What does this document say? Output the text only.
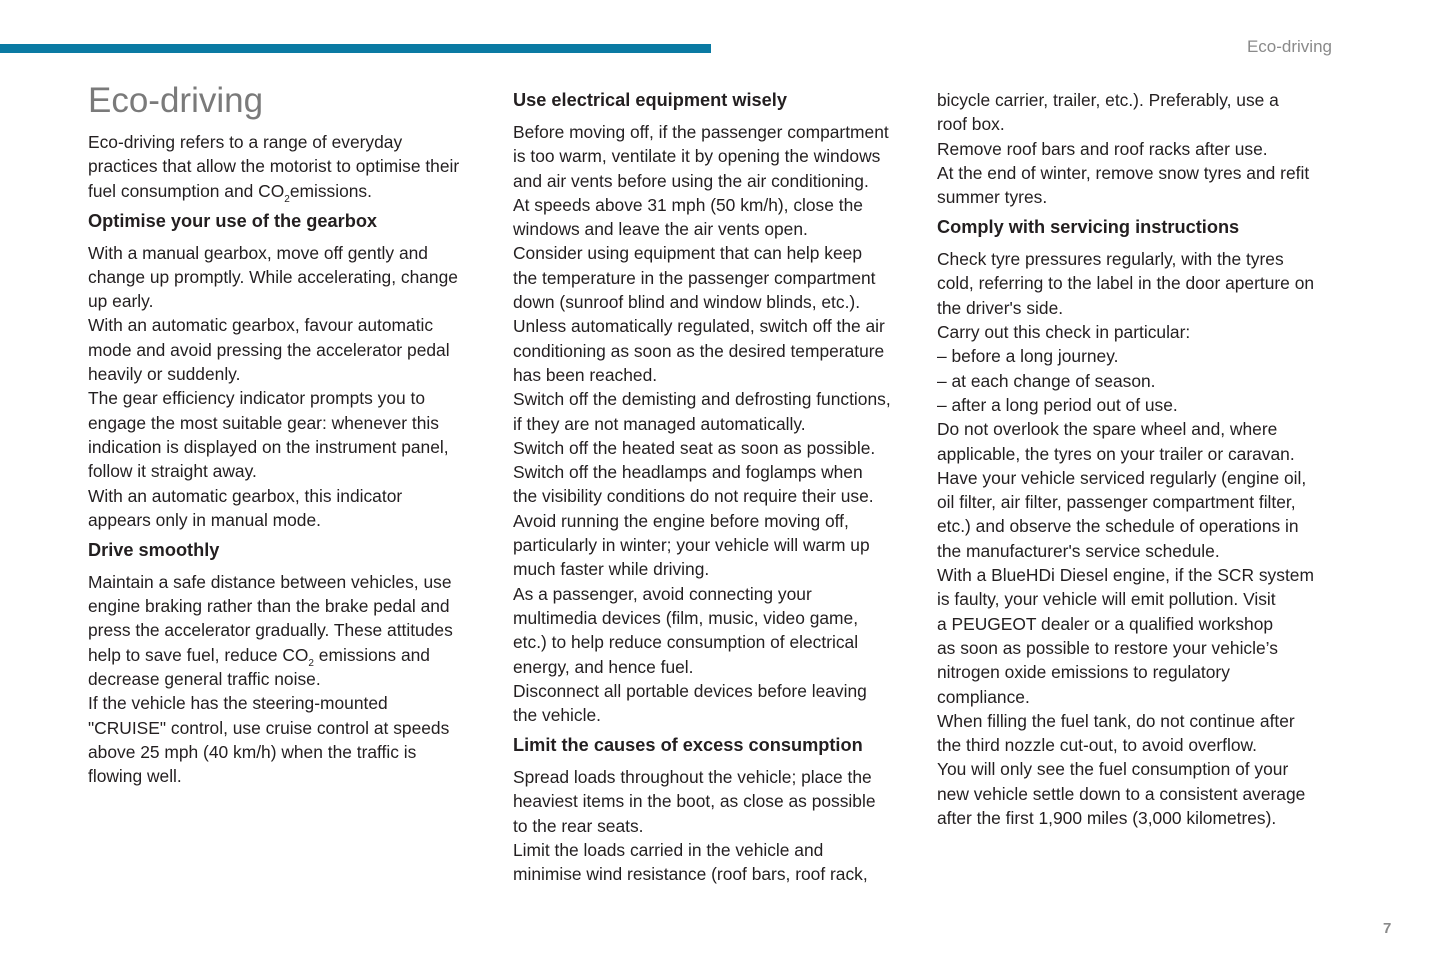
Eco-driving
Eco-driving
Eco-driving refers to a range of everyday
practices that allow the motorist to optimise their
fuel consumption and $CO_2emissions$.
Optimise your use of the gearbox
With a manual gearbox, move off gently and
change up promptly. While accelerating, change
up early.
With an automatic gearbox, favour automatic
mode and avoid pressing the accelerator pedal
heavily or suddenly.
The gear efficiency indicator prompts you to
engage the most suitable gear: whenever this
indication is displayed on the instrument panel,
follow it straight away.
With an automatic gearbox, this indicator
appears only in manual mode.
Drive smoothly
Maintain a safe distance between vehicles, use
engine braking rather than the brake pedal and
press the accelerator gradually. These attitudes
help to save fuel, reduce $CO_2$ emissions and
decrease general traffic noise.
If the vehicle has the steering-mounted
"CRUISE" control, use cruise control at speeds
above 25 mph (40 km/h) when the traffic is
flowing well.
Use electrical equipment wisely
Before moving off, if the passenger compartment
is too warm, ventilate it by opening the windows
and air vents before using the air conditioning.
At speeds above 31 mph (50 km/h), close the
windows and leave the air vents open.
Consider using equipment that can help keep
the temperature in the passenger compartment
down (sunroof blind and window blinds, etc.).
Unless automatically regulated, switch off the air
conditioning as soon as the desired temperature
has been reached.
Switch off the demisting and defrosting functions,
if they are not managed automatically.
Switch off the heated seat as soon as possible.
Switch off the headlamps and foglamps when
the visibility conditions do not require their use.
Avoid running the engine before moving off,
particularly in winter; your vehicle will warm up
much faster while driving.
As a passenger, avoid connecting your
multimedia devices (film, music, video game,
etc.) to help reduce consumption of electrical
energy, and hence fuel.
Disconnect all portable devices before leaving
the vehicle.
Limit the causes of excess consumption
Spread loads throughout the vehicle; place the
heaviest items in the boot, as close as possible
to the rear seats.
Limit the loads carried in the vehicle and
minimise wind resistance (roof bars, roof rack,
bicycle carrier, trailer, etc.). Preferably, use a
roof box.
Remove roof bars and roof racks after use.
At the end of winter, remove snow tyres and refit
summer tyres.
Comply with servicing instructions
Check tyre pressures regularly, with the tyres
cold, referring to the label in the door aperture on
the driver's side.
Carry out this check in particular:
– before a long journey.
– at each change of season.
– after a long period out of use.
Do not overlook the spare wheel and, where
applicable, the tyres on your trailer or caravan.
Have your vehicle serviced regularly (engine oil,
oil filter, air filter, passenger compartment filter,
etc.) and observe the schedule of operations in
the manufacturer's service schedule.
With a BlueHDi Diesel engine, if the SCR system
is faulty, your vehicle will emit pollution. Visit
a PEUGEOT dealer or a qualified workshop
as soon as possible to restore your vehicle’s
nitrogen oxide emissions to regulatory
compliance.
When filling the fuel tank, do not continue after
the third nozzle cut-out, to avoid overflow.
You will only see the fuel consumption of your
new vehicle settle down to a consistent average
after the first 1,900 miles (3,000 kilometres).
7
